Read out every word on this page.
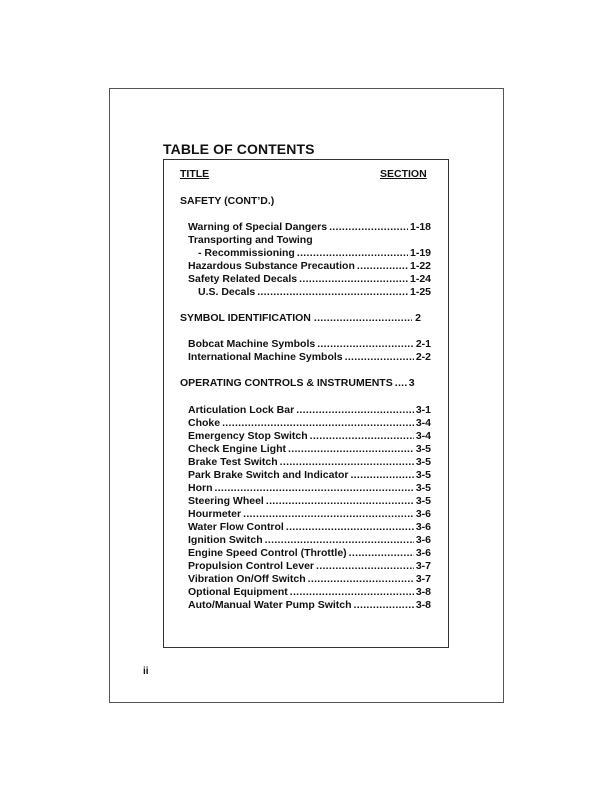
TABLE OF CONTENTS
TITLE	SECTION
SAFETY (CONT’D.)
Warning of Special Dangers .....	1-18
Transporting and Towing
- Recommissioning .....	1-19
Hazardous Substance Precaution .....	1-22
Safety Related Decals .....	1-24
U.S. Decals .....	1-25
SYMBOL IDENTIFICATION .....	2
Bobcat Machine Symbols .....	2-1
International Machine Symbols .....	2-2
OPERATING CONTROLS & INSTRUMENTS ..... 3
Articulation Lock Bar .....	3-1
Choke .....	3-4
Emergency Stop Switch .....	3-4
Check Engine Light .....	3-5
Brake Test Switch .....	3-5
Park Brake Switch and Indicator .....	3-5
Horn .....	3-5
Steering Wheel .....	3-5
Hourmeter .....	3-6
Water Flow Control .....	3-6
Ignition Switch .....	3-6
Engine Speed Control (Throttle) .....	3-6
Propulsion Control Lever .....	3-7
Vibration On/Off Switch .....	3-7
Optional Equipment .....	3-8
Auto/Manual Water Pump Switch .....	3-8
ii
